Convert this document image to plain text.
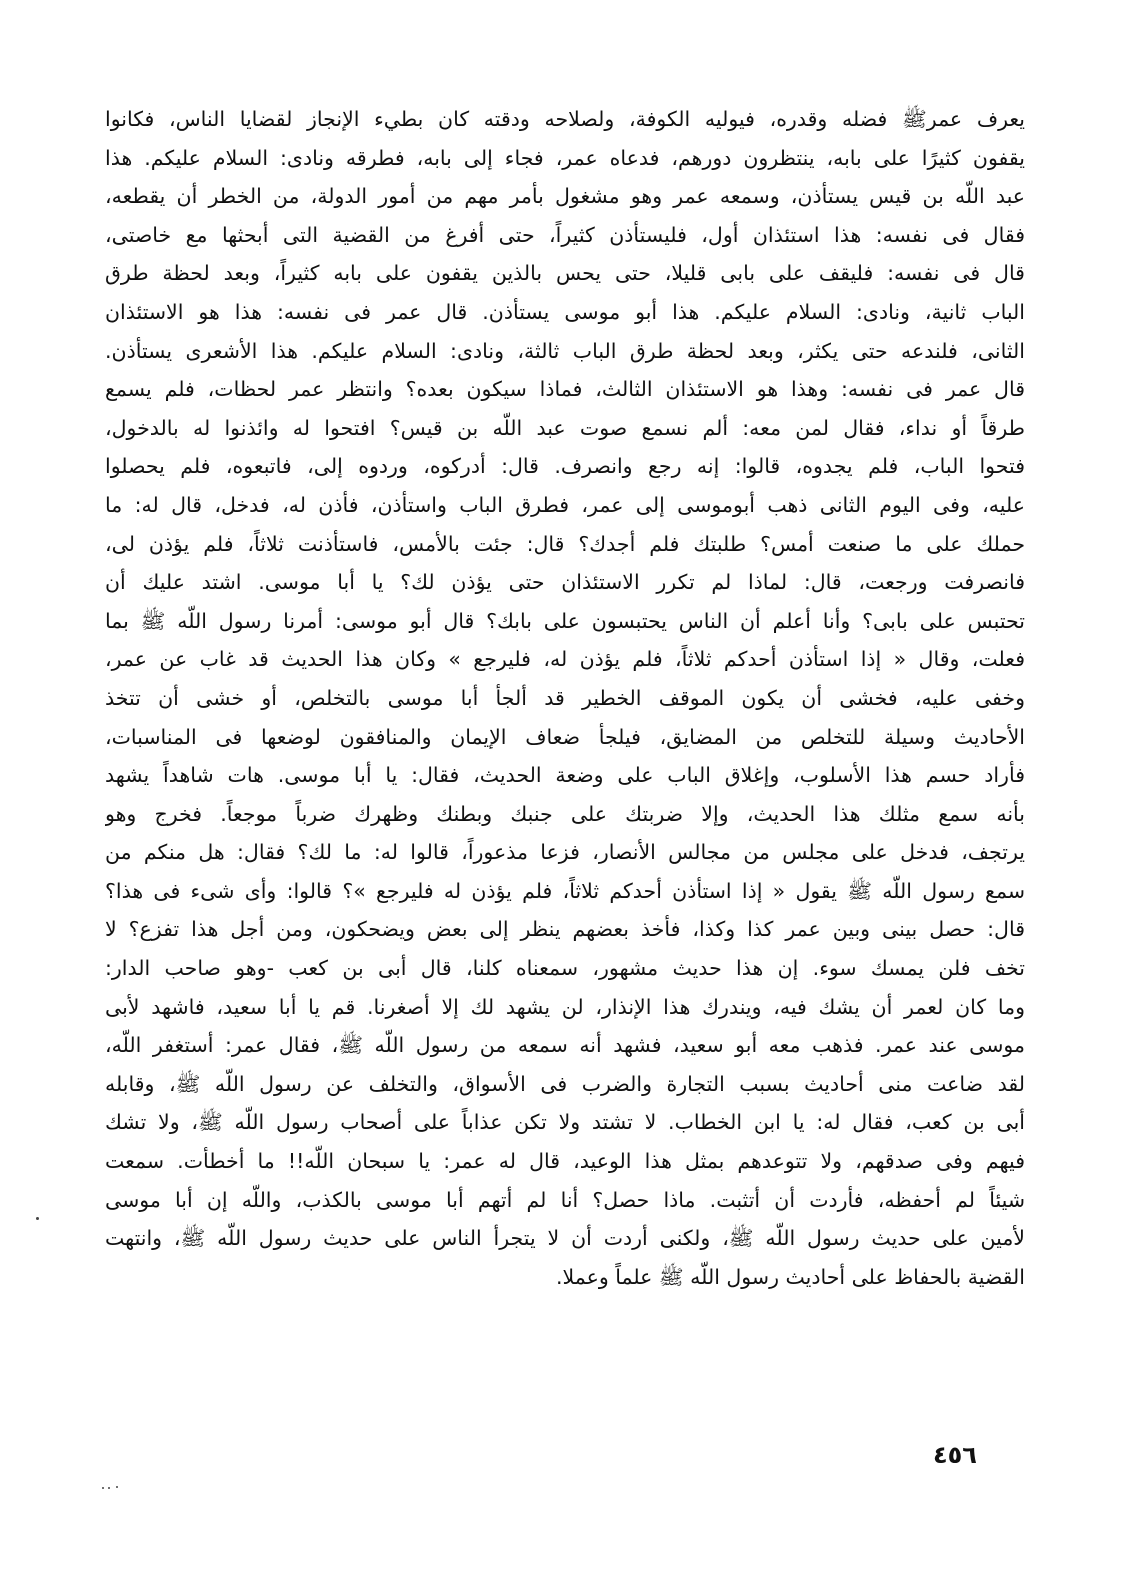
يعرف عمرﷺ فضله وقدره، فيوليه الكوفة، ولصلاحه ودقته كان بطيء الإنجاز لقضايا الناس، فكانوا
يقفون كثيرًا على بابه، ينتظرون دورهم، فدعاه عمر، فجاء إلى بابه، فطرقه ونادى: السلام عليكم. هذا
عبد اللّه بن قيس يستأذن، وسمعه عمر وهو مشغول بأمر مهم من أمور الدولة، من الخطر أن يقطعه،
فقال فى نفسه: هذا استئذان أول، فليستأذن كثيراً، حتى أفرغ من القضية التى أبحثها مع خاصتى،
قال فى نفسه: فليقف على بابى قليلا، حتى يحس بالذين يقفون على بابه كثيراً، وبعد لحظة طرق
الباب ثانية، ونادى: السلام عليكم. هذا أبو موسى يستأذن. قال عمر فى نفسه: هذا هو الاستئذان
الثانى، فلندعه حتى يكثر، وبعد لحظة طرق الباب ثالثة، ونادى: السلام عليكم. هذا الأشعرى يستأذن.
قال عمر فى نفسه: وهذا هو الاستئذان الثالث، فماذا سيكون بعده؟ وانتظر عمر لحظات، فلم يسمع
طرقاً أو نداء، فقال لمن معه: ألم نسمع صوت عبد اللّه بن قيس؟ افتحوا له وائذنوا له بالدخول،
فتحوا الباب، فلم يجدوه، قالوا: إنه رجع وانصرف. قال: أدركوه، وردوه إلى، فاتبعوه، فلم يحصلوا
عليه، وفى اليوم الثانى ذهب أبوموسى إلى عمر، فطرق الباب واستأذن، فأذن له، فدخل، قال له: ما
حملك على ما صنعت أمس؟ طلبتك فلم أجدك؟ قال: جئت بالأمس، فاستأذنت ثلاثاً، فلم يؤذن لى،
فانصرفت ورجعت، قال: لماذا لم تكرر الاستئذان حتى يؤذن لك؟ يا أبا موسى. اشتد عليك أن
تحتبس على بابى؟ وأنا أعلم أن الناس يحتبسون على بابك؟ قال أبو موسى: أمرنا رسول اللّه ﷺ بما
فعلت، وقال « إذا استأذن أحدكم ثلاثاً، فلم يؤذن له، فليرجع » وكان هذا الحديث قد غاب عن عمر،
وخفى عليه، فخشى أن يكون الموقف الخطير قد ألجأ أبا موسى بالتخلص، أو خشى أن تتخذ
الأحاديث وسيلة للتخلص من المضايق، فيلجأ ضعاف الإيمان والمنافقون لوضعها فى المناسبات،
فأراد حسم هذا الأسلوب، وإغلاق الباب على وضعة الحديث، فقال: يا أبا موسى. هات شاهداً يشهد
بأنه سمع مثلك هذا الحديث، وإلا ضربتك على جنبك وبطنك وظهرك ضرباً موجعاً. فخرج وهو
يرتجف، فدخل على مجلس من مجالس الأنصار، فزعا مذعوراً، قالوا له: ما لك؟ فقال: هل منكم من
سمع رسول اللّه ﷺ يقول « إذا استأذن أحدكم ثلاثاً، فلم يؤذن له فليرجع »؟ قالوا: وأى شىء فى هذا؟
قال: حصل بينى وبين عمر كذا وكذا، فأخذ بعضهم ينظر إلى بعض ويضحكون، ومن أجل هذا تفزع؟ لا
تخف فلن يمسك سوء. إن هذا حديث مشهور، سمعناه كلنا، قال أبى بن كعب -وهو صاحب الدار:
وما كان لعمر أن يشك فيه، ويندرك هذا الإنذار، لن يشهد لك إلا أصغرنا. قم يا أبا سعيد، فاشهد لأبى
موسى عند عمر. فذهب معه أبو سعيد، فشهد أنه سمعه من رسول اللّه ﷺ، فقال عمر: أستغفر اللّه،
لقد ضاعت منى أحاديث بسبب التجارة والضرب فى الأسواق، والتخلف عن رسول اللّه ﷺ، وقابله
أبى بن كعب، فقال له: يا ابن الخطاب. لا تشتد ولا تكن عذاباً على أصحاب رسول اللّه ﷺ، ولا تشك
فيهم وفى صدقهم، ولا تتوعدهم بمثل هذا الوعيد، قال له عمر: يا سبحان اللّه!! ما أخطأت. سمعت
شيئاً لم أحفظه، فأردت أن أتثبت. ماذا حصل؟ أنا لم أتهم أبا موسى بالكذب، واللّه إن أبا موسى
لأمين على حديث رسول اللّه ﷺ، ولكنى أردت أن لا يتجرأ الناس على حديث رسول اللّه ﷺ، وانتهت
القضية بالحفاظ على أحاديث رسول اللّه ﷺ علماً وعملا.
٤٥٦
